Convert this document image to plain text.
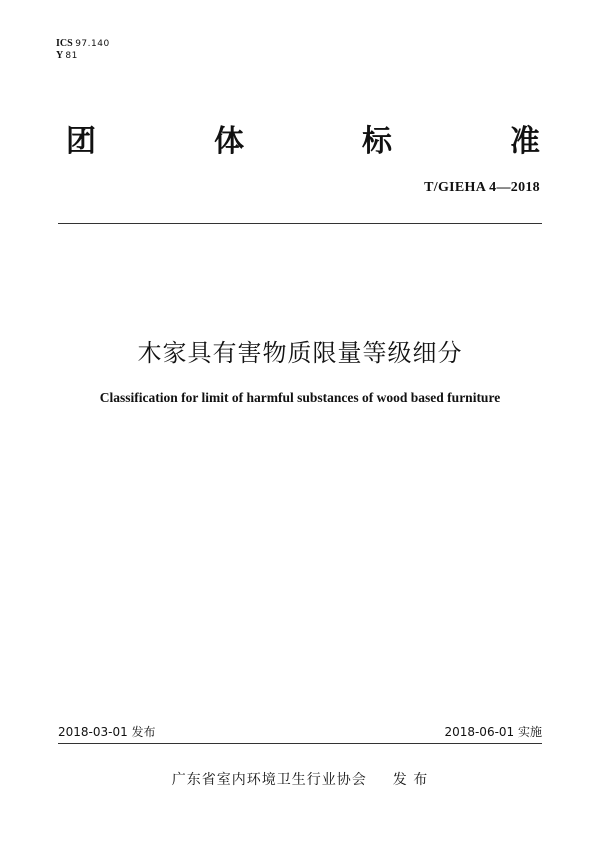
ICS 97.140
Y 81
团	体	标	准
T/GIEHA 4—2018
木家具有害物质限量等级细分
Classification for limit of harmful substances of wood based furniture
2018-03-01 发布	2018-06-01 实施
广东省室内环境卫生行业协会 发 布
